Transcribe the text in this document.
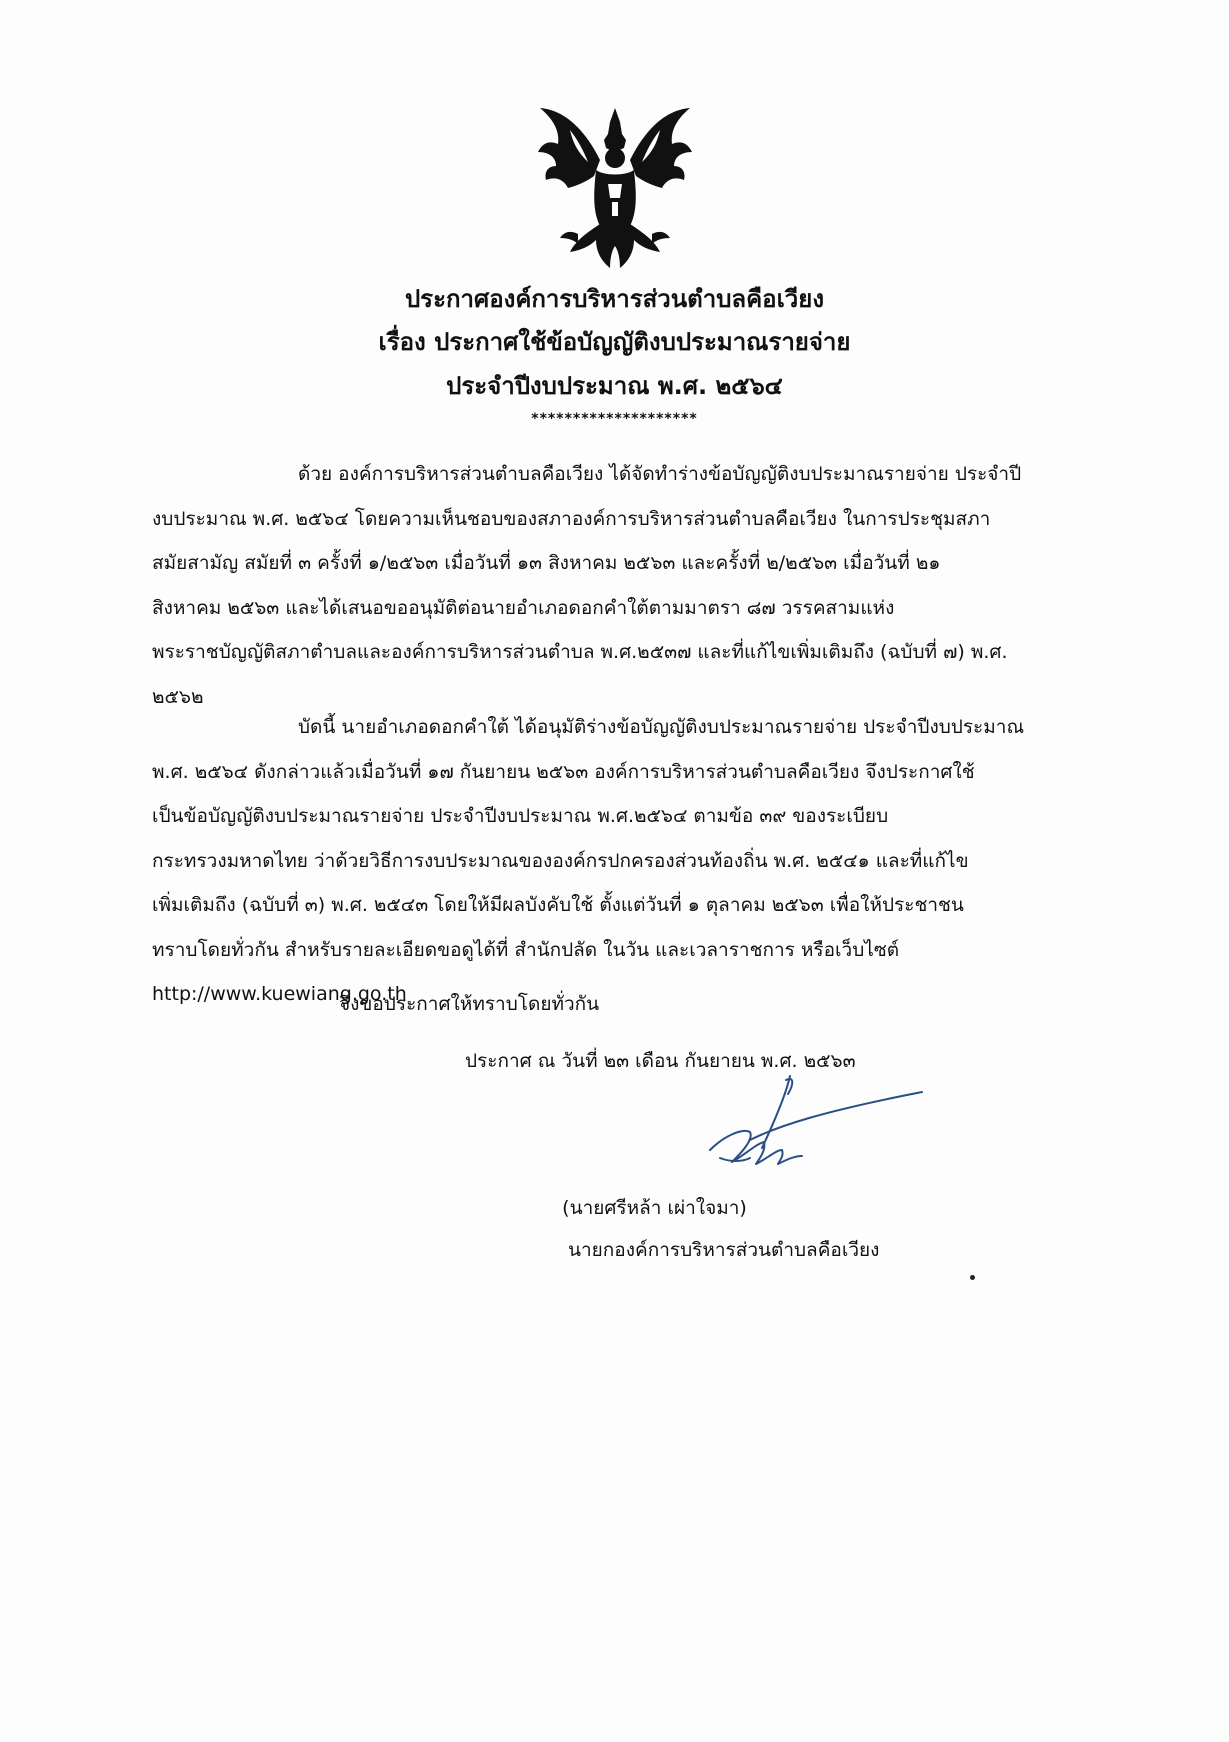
ประกาศองค์การบริหารส่วนตำบลคือเวียง
เรื่อง ประกาศใช้ข้อบัญญัติงบประมาณรายจ่าย
ประจำปีงบประมาณ พ.ศ. ๒๕๖๔
********************
ด้วย องค์การบริหารส่วนตำบลคือเวียง ได้จัดทำร่างข้อบัญญัติงบประมาณรายจ่าย ประจำปี
งบประมาณ พ.ศ. ๒๕๖๔ โดยความเห็นชอบของสภาองค์การบริหารส่วนตำบลคือเวียง ในการประชุมสภา
สมัยสามัญ สมัยที่ ๓ ครั้งที่ ๑/๒๕๖๓ เมื่อวันที่ ๑๓ สิงหาคม ๒๕๖๓ และครั้งที่ ๒/๒๕๖๓ เมื่อวันที่ ๒๑
สิงหาคม ๒๕๖๓ และได้เสนอขออนุมัติต่อนายอำเภอดอกคำใต้ตามมาตรา ๘๗ วรรคสามแห่ง
พระราชบัญญัติสภาตำบลและองค์การบริหารส่วนตำบล พ.ศ.๒๕๓๗ และที่แก้ไขเพิ่มเติมถึง (ฉบับที่ ๗) พ.ศ.
๒๕๖๒
บัดนี้ นายอำเภอดอกคำใต้ ได้อนุมัติร่างข้อบัญญัติงบประมาณรายจ่าย ประจำปีงบประมาณ
พ.ศ. ๒๕๖๔ ดังกล่าวแล้วเมื่อวันที่ ๑๗ กันยายน ๒๕๖๓ องค์การบริหารส่วนตำบลคือเวียง จึงประกาศใช้
เป็นข้อบัญญัติงบประมาณรายจ่าย ประจำปีงบประมาณ พ.ศ.๒๕๖๔ ตามข้อ ๓๙ ของระเบียบ
กระทรวงมหาดไทย ว่าด้วยวิธีการงบประมาณขององค์กรปกครองส่วนท้องถิ่น พ.ศ. ๒๕๔๑ และที่แก้ไข
เพิ่มเติมถึง (ฉบับที่ ๓) พ.ศ. ๒๕๔๓ โดยให้มีผลบังคับใช้ ตั้งแต่วันที่ ๑ ตุลาคม ๒๕๖๓ เพื่อให้ประชาชน
ทราบโดยทั่วกัน สำหรับรายละเอียดขอดูได้ที่ สำนักปลัด ในวัน และเวลาราชการ หรือเว็บไซต์
http://www.kuewiang.go.th
จึงขอประกาศให้ทราบโดยทั่วกัน
ประกาศ ณ วันที่ ๒๓ เดือน กันยายน พ.ศ. ๒๕๖๓
(นายศรีหล้า เผ่าใจมา)
นายกองค์การบริหารส่วนตำบลคือเวียง
